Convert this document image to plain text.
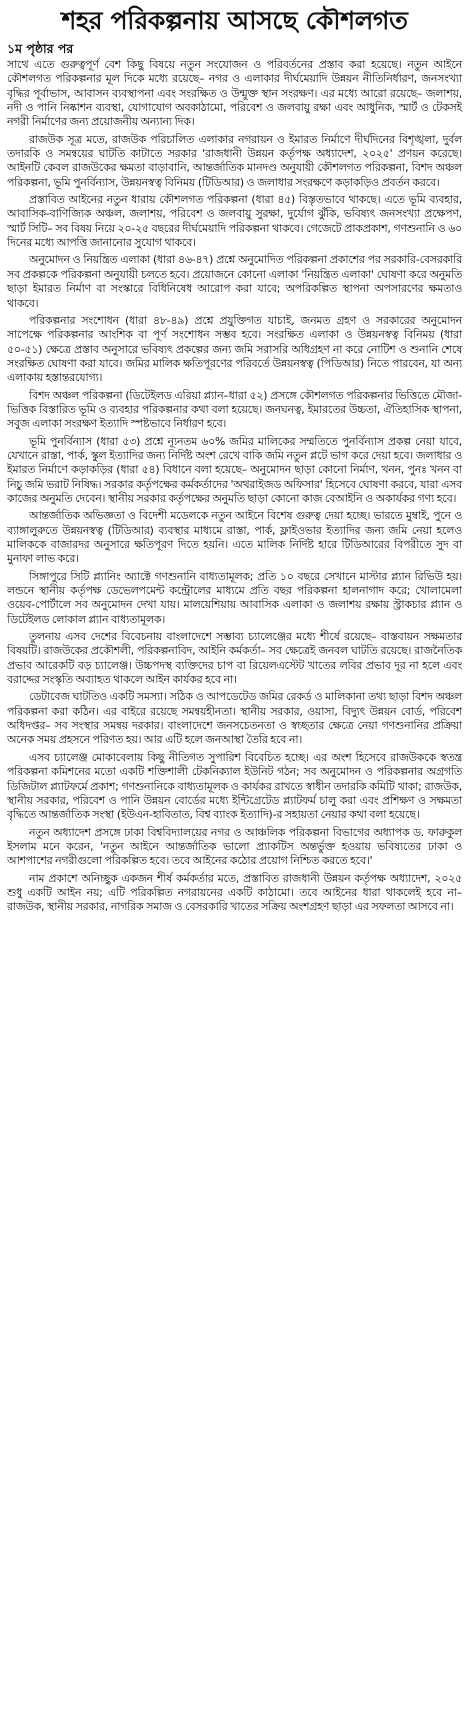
শহর পরিকল্পনায় আসছে কৌশলগত
১ম পৃষ্ঠার পর

সাথে এতে গুরুত্বপূর্ণ বেশ কিছু বিষয়ে নতুন সংযোজন ও পরিবর্তনের প্রস্তাব করা হয়েছে। নতুন আইনে কৌশলগত পরিকল্পনার মূল দিকে মধ্যে রয়েছে– নগর ও এলাকার দীর্ঘমেয়াদি উন্নয়ন নীতিনির্ধারণ, জনসংখ্যা বৃদ্ধির পূর্বাভাস, আবাসন ব্যবস্থাপনা এবং সংরক্ষিত ও উন্মুক্ত স্থান সংরক্ষণ। এর মধ্যে আরো রয়েছে– জলাশয়, নদী ও পানি নিষ্কাশন ব্যবস্থা, যোগাযোগ অবকাঠামো, পরিবেশ ও জলবায়ু রক্ষা এবং আধুনিক, স্মার্ট ও টেকসই নগরী নির্মাণের জন্য প্রয়োজনীয় অন্যান্য দিক।

রাজউক সূত্র মতে, রাজউক পরিচালিত এলাকার নগরায়ন ও ইমারত নির্মাণে দীর্ঘদিনের বিশৃঙ্খলা, দুর্বল তদারকি ও সমন্বয়ের ঘাটতি কাটাতে সরকার 'রাজধানী উন্নয়ন কর্তৃপক্ষ অধ্যাদেশ, ২০২৫' প্রণয়ন করেছে। আইনটি কেবল রাজউকের ক্ষমতা বাড়াবানি, আন্তর্জাতিক মানদণ্ড অনুযায়ী কৌশলগত পরিকল্পনা, বিশদ অঞ্চল পরিকল্পনা, ভূমি পুনর্বিন্যাস, উন্নয়নস্বত্ব বিনিময় (টিডিআর) ও জলাধার সংরক্ষণে কড়াকড়িও প্রবর্তন করবে।

প্রস্তাবিত আইনের নতুন ধারায় কৌশলগত পরিকল্পনা (ধারা ৪৫) বিস্তৃতভাবে থাকছে। এতে ভূমি ব্যবহার, আবাসিক-বাণিজ্যিক অঞ্চল, জলাশয়, পরিবেশ ও জলবায়ু সুরক্ষা, দুর্যোগ ঝুঁকি, ভবিষ্যৎ জনসংখ্যা প্রক্ষেপণ, স্মার্ট সিটি– সব বিষয় নিয়ে ২০-২৫ বছরের দীর্ঘমেয়াদি পরিকল্পনা থাকবে। গেজেটে প্রাকপ্রকাশ, গণশুনানি ও ৬০ দিনের মধ্যে আপত্তি জানানোর সুযোগ থাকবে।

অনুমোদন ও নিয়ন্ত্রিত এলাকা (ধারা ৪৬-৪৭) প্রশ্নে অনুমোদিত পরিকল্পনা প্রকাশের পর সরকারি-বেসরকারি সব প্রকল্পকে পরিকল্পনা অনুযায়ী চলতে হবে। প্রয়োজনে কোনো এলাকা 'নিয়ন্ত্রিত এলাকা' ঘোষণা করে অনুমতি ছাড়া ইমারত নির্মাণ বা সংস্কারে বিধিনিষেধ আরোপ করা যাবে; অপরিকল্পিত স্থাপনা অপসারণের ক্ষমতাও থাকবে।

পরিকল্পনার সংশোধন (ধারা ৪৮-৪৯) প্রশ্নে প্রযুক্তিগত যাচাই, জনমত গ্রহণ ও সরকারের অনুমোদন সাপেক্ষে পরিকল্পনার আংশিক বা পূর্ণ সংশোধন সম্ভব হবে। সংরক্ষিত এলাকা ও উন্নয়নস্বত্ব বিনিময় (ধারা ৫০-৫১) ক্ষেত্রে প্রস্তাব অনুসারে ভবিষ্যৎ প্রকল্পের জন্য জমি সরাসরি অধিগ্রহণ না করে নোটিশ ও শুনানি শেষে সংরক্ষিত ঘোষণা করা যাবে। জমির মালিক ক্ষতিপূরণের পরিবর্তে উন্নয়নস্বত্ব (পিডিআর) নিতে পারবেন, যা অন্য এলাকায় হস্তান্তরযোগ্য।

বিশদ অঞ্চল পরিকল্পনা (ডিটেইলড এরিয়া প্ল্যান–ধারা ৫২) প্রসঙ্গে কৌশলগত পরিকল্পনার ভিত্তিতে মৌজা-ভিত্তিক বিস্তারিত ভূমি ও ব্যবহার পরিকল্পনার কথা বলা হয়েছে। জনঘনত্ব, ইমারতের উচ্চতা, ঐতিহাসিক স্থাপনা, সবুজ এলাকা সংরক্ষণ ইত্যাদি স্পষ্টভাবে নির্ধারণ হবে।

ভূমি পুনর্বিন্যাস (ধারা ৫৩) প্রশ্নে ন্যূনতম ৬০% জমির মালিকের সম্মতিতে পুনর্বিন্যাস প্রকল্প নেয়া যাবে, যেখানে রাস্তা, পার্ক, স্কুল ইত্যাদির জন্য নির্দিষ্ট অংশ রেখে বাকি জমি নতুন প্লটে ভাগ করে দেয়া হবে। জলাধার ও ইমারত নির্মাণে কড়াকড়ির (ধারা ৫৪) বিধানে বলা হয়েছে– অনুমোদন ছাড়া কোনো নির্মাণ, খনন, পুনঃ খনন বা নিচু জমি ভরাট নিষিদ্ধ। সরকার কর্তৃপক্ষের কর্মকর্তাদের 'অথরাইজড অফিসার' হিসেবে ঘোষণা করবে, যারা এসব কাজের অনুমতি দেবেন। স্থানীয় সরকার কর্তৃপক্ষের অনুমতি ছাড়া কোনো কাজ বেআইনি ও অকার্যকর গণ্য হবে।

আন্তর্জাতিক অভিজ্ঞতা ও বিদেশী মডেলকে নতুন আইনে বিশেষ গুরুত্ব দেয়া হচ্ছে। ভারতে মুম্বাই, পুনে ও ব্যাঙ্গালুরুতে উন্নয়নস্বত্ব (টিডিআর) ব্যবস্থার মাধ্যমে রাস্তা, পার্ক, ফ্লাইওভার ইত্যাদির জন্য জমি নেয়া হলেও মালিককে বাজারদর অনুসারে ক্ষতিপূরণ দিতে হয়নি। এতে মালিক নির্দিষ্ট হারে টিডিআরের বিপরীতে সুদ বা মুনাফা লাভ করে।

সিঙ্গাপুরে সিটি প্ল্যানিং অ্যাক্টে গণশুনানি বাধ্যতামূলক; প্রতি ১০ বছরে সেখানে মাস্টার প্ল্যান রিভিউ হয়। লন্ডনে স্থানীয় কর্তৃপক্ষ ডেভেলপমেন্ট কন্ট্রোলের মাধ্যমে প্রতি বছর পরিকল্পনা হালনাগাদ করে; খোলামেলা ওয়েব-পোর্টালে সব অনুমোদন দেখা যায়। মালয়েশিয়ায় আবাসিক এলাকা ও জলাশয় রক্ষায় স্ট্রাকচার প্ল্যান ও ডিটেইলড লোকাল প্ল্যান বাধ্যতামূলক।

তুলনায় এসব দেশের বিবেচনায় বাংলাদেশে সম্ভাব্য চ্যালেঞ্জের মধ্যে শীর্ষে রয়েছে– বাস্তবায়ন সক্ষমতার বিষয়টি। রাজউকের প্রকৌশলী, পরিকল্পনাবিদ, আইনি কর্মকর্তা– সব ক্ষেত্রেই জনবল ঘাটতি রয়েছে। রাজনৈতিক প্রভাব আরেকটি বড় চ্যালেঞ্জ। উচ্চপদস্থ ব্যক্তিদের চাপ বা রিয়েলএস্টেট খাতের লবির প্রভাব দূর না হলে এবং বরাদ্দের সংস্কৃতি অব্যাহত থাকলে আইন কার্যকর হবে না।

ডেটাবেজ ঘাটতিও একটি সমস্যা। সঠিক ও আপডেটেড জমির রেকর্ড ও মালিকানা তথ্য ছাড়া বিশদ অঞ্চল পরিকল্পনা করা কঠিন। এর বাইরে রয়েছে সমন্বয়হীনতা। স্থানীয় সরকার, ওয়াসা, বিদ্যুৎ উন্নয়ন বোর্ড, পরিবেশ অধিদপ্তর– সব সংস্থার সমন্বয় দরকার। বাংলাদেশে জনসচেতনতা ও স্বচ্ছতার ক্ষেত্রে নেয়া গণশুনানির প্রক্রিয়া অনেক সময় প্রহসনে পরিণত হয়। আর এটি হলে জনআস্থা তৈরি হবে না।

এসব চ্যালেঞ্জ মোকাবেলায় কিছু নীতিগত সুপারিশ বিবেচিত হচ্ছে। এর অংশ হিসেবে রাজউককে স্বতন্ত্র পরিকল্পনা কমিশনের মতো একটি শক্তিশালী টেকনিক্যাল ইউনিট গঠন; সব অনুমোদন ও পরিকল্পনার অগ্রগতি ডিজিটাল প্ল্যাটফর্মে প্রকাশ; গণশুনানিকে বাধ্যতামূলক ও কার্যকর রাখতে স্বাধীন তদারকি কমিটি থাকা; রাজউক, স্থানীয় সরকার, পরিবেশ ও পানি উন্নয়ন বোর্ডের মধ্যে ইন্টিগ্রেটেড প্ল্যাটফর্ম চালু করা এবং প্রশিক্ষণ ও সক্ষমতা বৃদ্ধিতে আন্তর্জাতিক সংস্থা (ইউএন-হাবিতাত, বিশ্ব ব্যাংক ইত্যাদি)-র সহায়তা নেয়ার কথা বলা হয়েছে।

নতুন অধ্যাদেশ প্রসঙ্গে ঢাকা বিশ্ববিদ্যালয়ের নগর ও আঞ্চলিক পরিকল্পনা বিভাগের অধ্যাপক ড. ফারুকুল ইসলাম মনে করেন, 'নতুন আইনে আন্তর্জাতিক ভালো প্র্যাকটিস অন্তর্ভুক্ত হওয়ায় ভবিষ্যতের ঢাকা ও আশপাশের নগরীগুলো পরিকল্পিত হবে। তবে আইনের কঠোর প্রয়োগ নিশ্চিত করতে হবে।'

নাম প্রকাশে অনিচ্ছুক একজন শীর্ষ কর্মকর্তার মতে, প্রস্তাবিত রাজধানী উন্নয়ন কর্তৃপক্ষ অধ্যাদেশ, ২০২৫ শুধু একটি আইন নয়; এটি পরিকল্পিত নগরায়নের একটি কাঠামো। তবে আইনের ধারা থাকলেই হবে না– রাজউক, স্থানীয় সরকার, নাগরিক সমাজ ও বেসরকারি খাতের সক্রিয় অংশগ্রহণ ছাড়া এর সফলতা আসবে না।
